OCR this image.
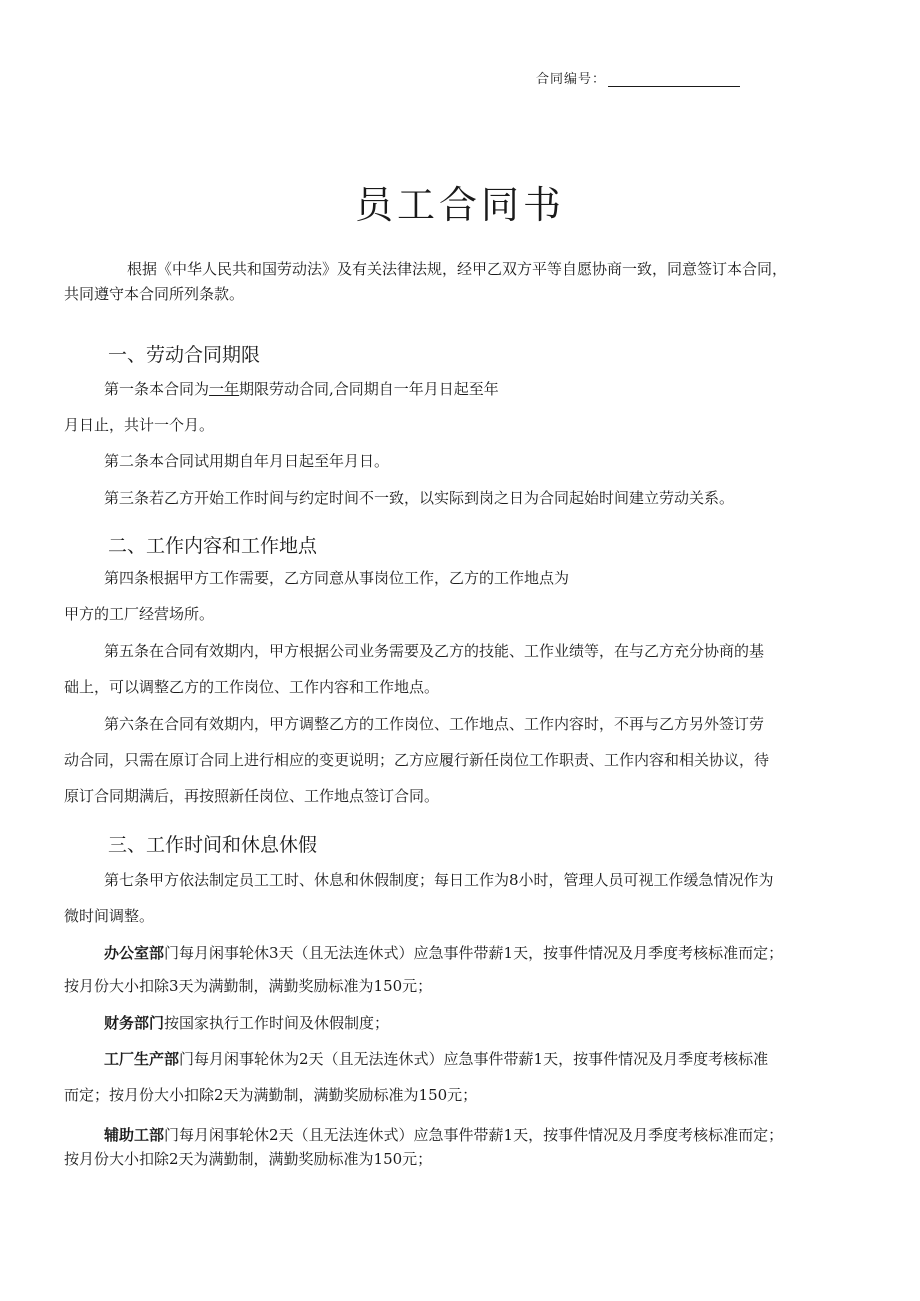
合同编号：
员工合同书
根据《中华人民共和国劳动法》及有关法律法规，经甲乙双方平等自愿协商一致，同意签订本合同，
共同遵守本合同所列条款。
一、劳动合同期限
第一条本合同为一年期限劳动合同,合同期自一年月日起至年
月日止，共计一个月。
第二条本合同试用期自年月日起至年月日。
第三条若乙方开始工作时间与约定时间不一致，以实际到岗之日为合同起始时间建立劳动关系。
二、工作内容和工作地点
第四条根据甲方工作需要，乙方同意从事岗位工作，乙方的工作地点为
甲方的工厂经营场所。
第五条在合同有效期内，甲方根据公司业务需要及乙方的技能、工作业绩等，在与乙方充分协商的基
础上，可以调整乙方的工作岗位、工作内容和工作地点。
第六条在合同有效期内，甲方调整乙方的工作岗位、工作地点、工作内容时，不再与乙方另外签订劳
动合同，只需在原订合同上进行相应的变更说明；乙方应履行新任岗位工作职责、工作内容和相关协议，待
原订合同期满后，再按照新任岗位、工作地点签订合同。
三、工作时间和休息休假
第七条甲方依法制定员工工时、休息和休假制度；每日工作为8小时，管理人员可视工作缓急情况作为
微时间调整。
办公室部门每月闲事轮休3天（且无法连休式）应急事件带薪1天，按事件情况及月季度考核标准而定；
按月份大小扣除3天为满勤制，满勤奖励标准为150元；
财务部门按国家执行工作时间及休假制度；
工厂生产部门每月闲事轮休为2天（且无法连休式）应急事件带薪1天，按事件情况及月季度考核标准
而定；按月份大小扣除2天为满勤制，满勤奖励标准为150元；
辅助工部门每月闲事轮休2天（且无法连休式）应急事件带薪1天，按事件情况及月季度考核标准而定；
按月份大小扣除2天为满勤制，满勤奖励标准为150元；
